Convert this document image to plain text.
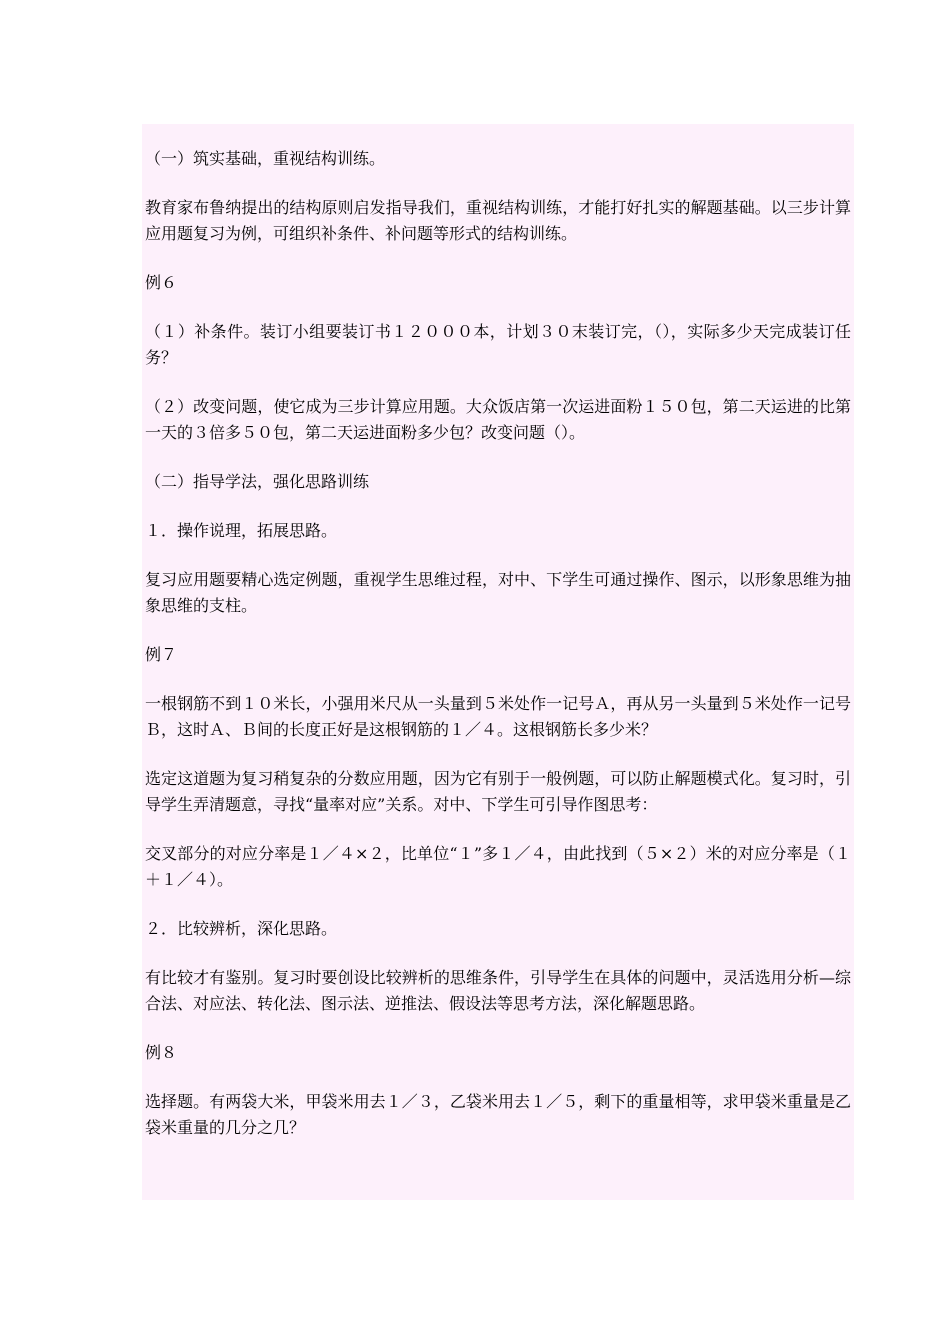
（一）筑实基础，重视结构训练。

教育家布鲁纳提出的结构原则启发指导我们，重视结构训练，才能打好扎实的解题基础。以三步计算应用题复习为例，可组织补条件、补问题等形式的结构训练。

例６

（１）补条件。装订小组要装订书１２０００本，计划３０末装订完，（），实际多少天完成装订任务？

（２）改变问题，使它成为三步计算应用题。大众饭店第一次运进面粉１５０包，第二天运进的比第一天的３倍多５０包，第二天运进面粉多少包？改变问题（）。

（二）指导学法，强化思路训练

１．操作说理，拓展思路。

复习应用题要精心选定例题，重视学生思维过程，对中、下学生可通过操作、图示，以形象思维为抽象思维的支柱。

例７

一根钢筋不到１０米长，小强用米尺从一头量到５米处作一记号Ａ，再从另一头量到５米处作一记号Ｂ，这时Ａ、Ｂ间的长度正好是这根钢筋的１／４。这根钢筋长多少米？

选定这道题为复习稍复杂的分数应用题，因为它有别于一般例题，可以防止解题模式化。复习时，引导学生弄清题意，寻找“量率对应”关系。对中、下学生可引导作图思考：

交叉部分的对应分率是１／４×２，比单位“１”多１／４，由此找到（５×２）米的对应分率是（１＋１／４）。

２．比较辨析，深化思路。

有比较才有鉴别。复习时要创设比较辨析的思维条件，引导学生在具体的问题中，灵活选用分析—综合法、对应法、转化法、图示法、逆推法、假设法等思考方法，深化解题思路。

例８

选择题。有两袋大米，甲袋米用去１／３，乙袋米用去１／５，剩下的重量相等，求甲袋米重量是乙袋米重量的几分之几？
